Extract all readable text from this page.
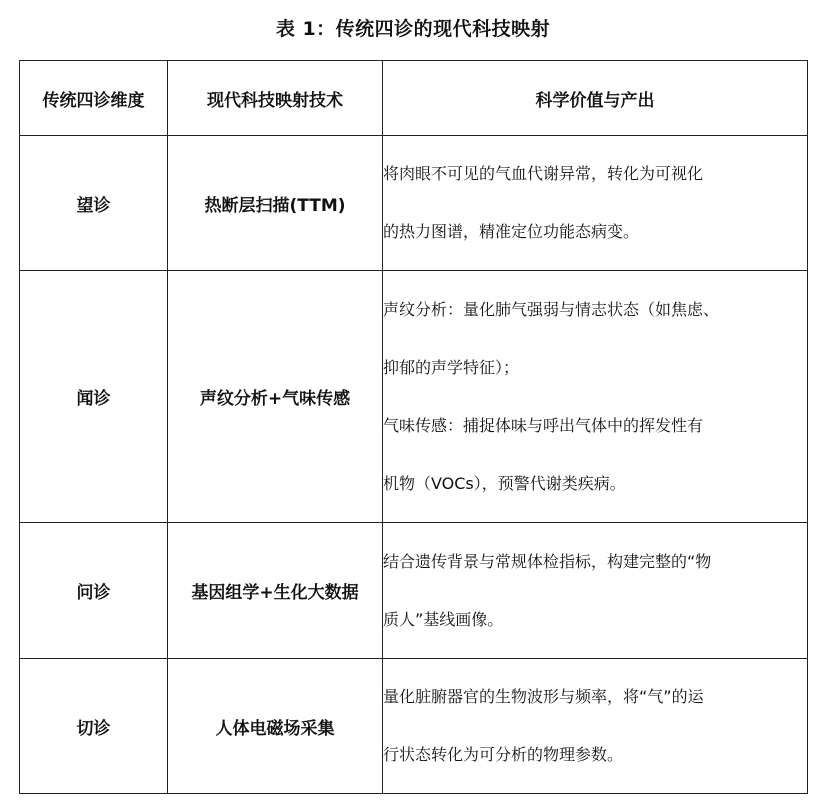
表 1：传统四诊的现代科技映射
传统四诊维度	现代科技映射技术	科学价值与产出
望诊	热断层扫描(TTM)	将肉眼不可见的气血代谢异常，转化为可视化

的热力图谱，精准定位功能态病变。

闻诊	声纹分析+气味传感	声纹分析：量化肺气强弱与情志状态（如焦虑、

抑郁的声学特征）；

气味传感：捕捉体味与呼出气体中的挥发性有

机物（VOCs），预警代谢类疾病。

问诊	基因组学+生化大数据	结合遗传背景与常规体检指标，构建完整的“物

质人”基线画像。

切诊	人体电磁场采集	量化脏腑器官的生物波形与频率，将“气”的运

行状态转化为可分析的物理参数。
